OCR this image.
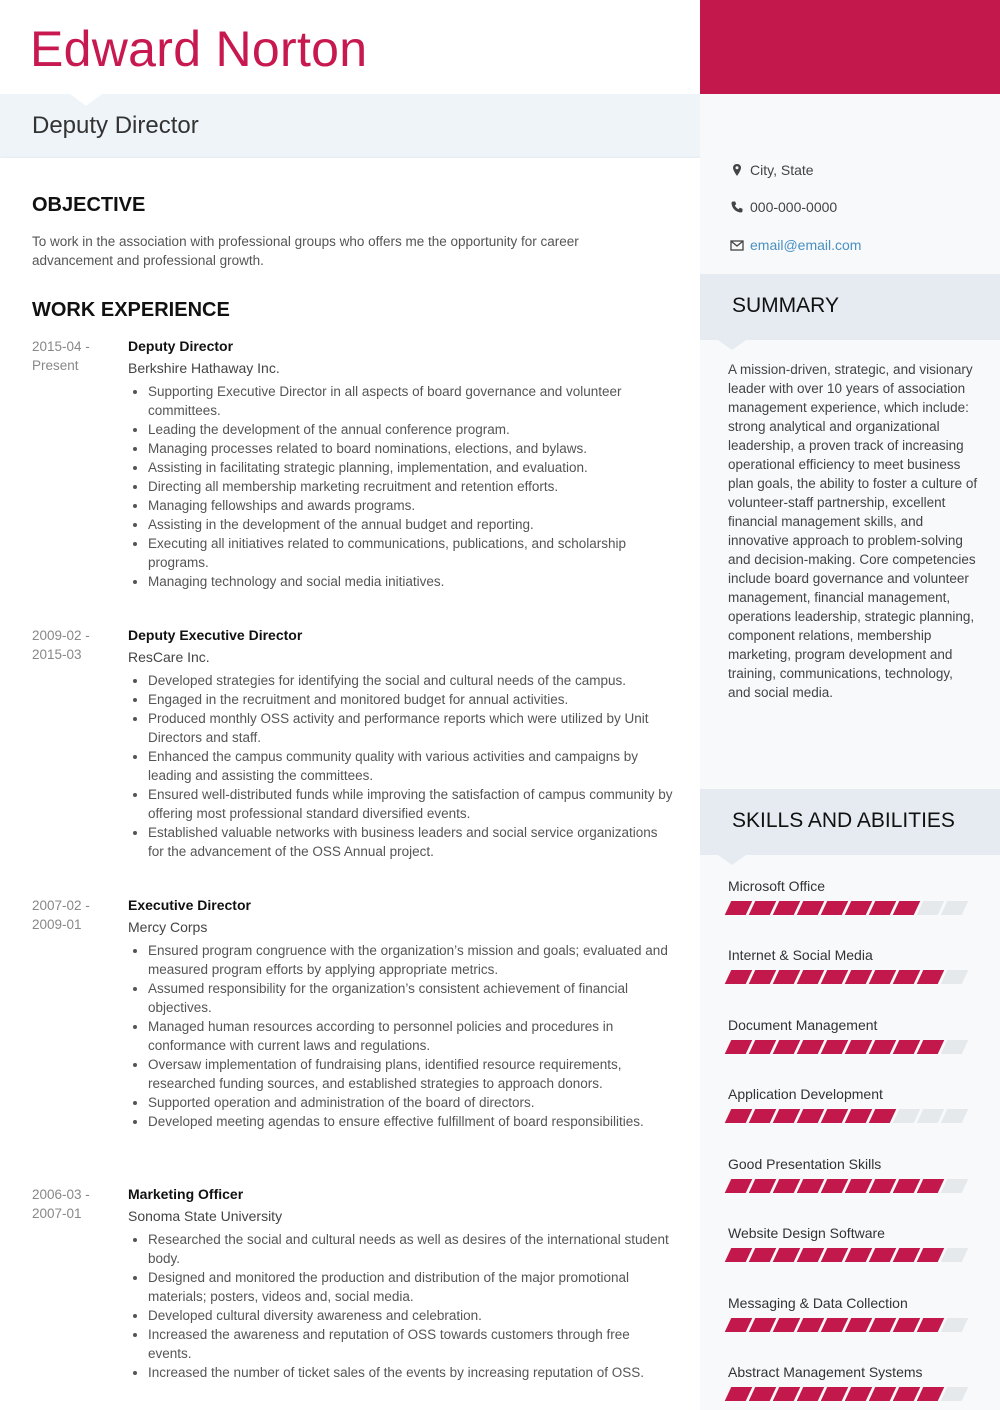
Edward Norton
Deputy Director
OBJECTIVE
To work in the association with professional groups who offers me the opportunity for career advancement and professional growth.
WORK EXPERIENCE
2015-04 - Present
Deputy Director
Berkshire Hathaway Inc.
• Supporting Executive Director in all aspects of board governance and volunteer committees.
• Leading the development of the annual conference program.
• Managing processes related to board nominations, elections, and bylaws.
• Assisting in facilitating strategic planning, implementation, and evaluation.
• Directing all membership marketing recruitment and retention efforts.
• Managing fellowships and awards programs.
• Assisting in the development of the annual budget and reporting.
• Executing all initiatives related to communications, publications, and scholarship programs.
• Managing technology and social media initiatives.
2009-02 - 2015-03
Deputy Executive Director
ResCare Inc.
• Developed strategies for identifying the social and cultural needs of the campus.
• Engaged in the recruitment and monitored budget for annual activities.
• Produced monthly OSS activity and performance reports which were utilized by Unit Directors and staff.
• Enhanced the campus community quality with various activities and campaigns by leading and assisting the committees.
• Ensured well-distributed funds while improving the satisfaction of campus community by offering most professional standard diversified events.
• Established valuable networks with business leaders and social service organizations for the advancement of the OSS Annual project.
2007-02 - 2009-01
Executive Director
Mercy Corps
• Ensured program congruence with the organization’s mission and goals; evaluated and measured program efforts by applying appropriate metrics.
• Assumed responsibility for the organization’s consistent achievement of financial objectives.
• Managed human resources according to personnel policies and procedures in conformance with current laws and regulations.
• Oversaw implementation of fundraising plans, identified resource requirements, researched funding sources, and established strategies to approach donors.
• Supported operation and administration of the board of directors.
• Developed meeting agendas to ensure effective fulfillment of board responsibilities.
2006-03 - 2007-01
Marketing Officer
Sonoma State University
• Researched the social and cultural needs as well as desires of the international student body.
• Designed and monitored the production and distribution of the major promotional materials; posters, videos and, social media.
• Developed cultural diversity awareness and celebration.
• Increased the awareness and reputation of OSS towards customers through free events.
• Increased the number of ticket sales of the events by increasing reputation of OSS.
City, State
000-000-0000
email@email.com
SUMMARY
A mission-driven, strategic, and visionary leader with over 10 years of association management experience, which include: strong analytical and organizational leadership, a proven track of increasing operational efficiency to meet business plan goals, the ability to foster a culture of volunteer-staff partnership, excellent financial management skills, and innovative approach to problem-solving and decision-making. Core competencies include board governance and volunteer management, financial management, operations leadership, strategic planning, component relations, membership marketing, program development and training, communications, technology, and social media.
SKILLS AND ABILITIES
Microsoft Office
Internet & Social Media
Document Management
Application Development
Good Presentation Skills
Website Design Software
Messaging & Data Collection
Abstract Management Systems
